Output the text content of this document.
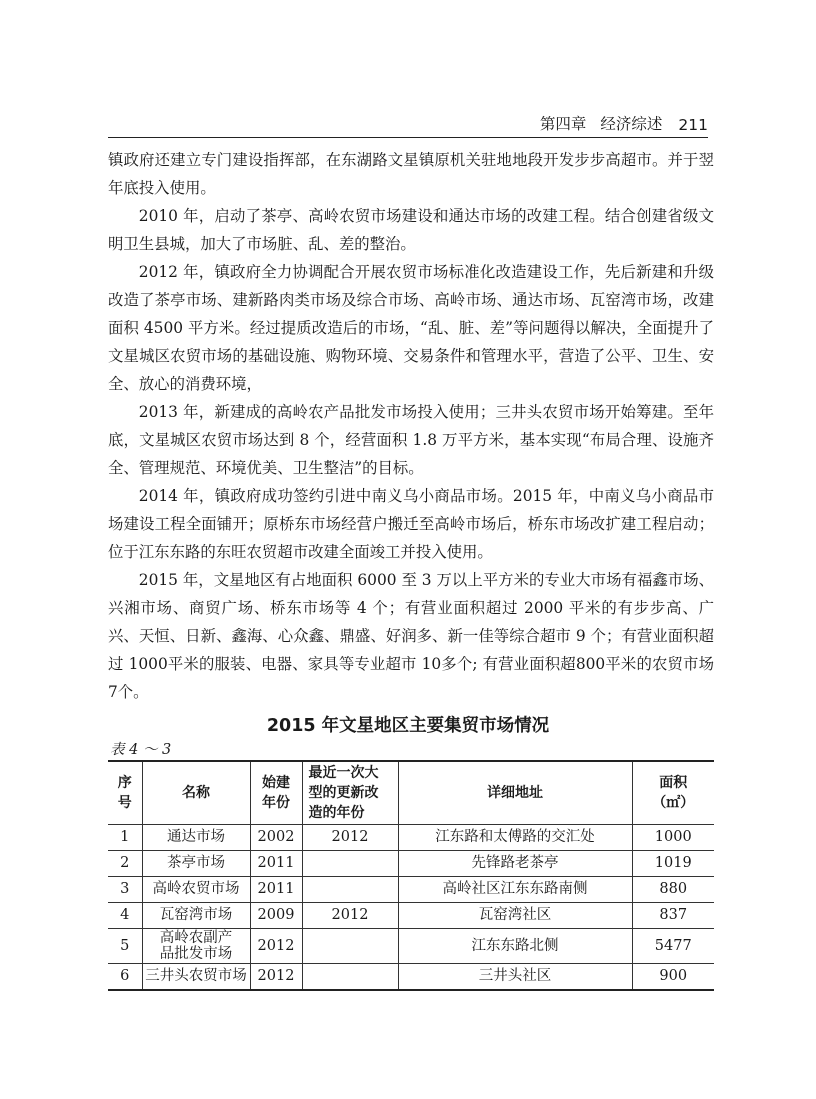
第四章 经济综述 211

镇政府还建立专门建设指挥部，在东湖路文星镇原机关驻地地段开发步步高超市。并于翌年底投入使用。

2010 年，启动了茶亭、高岭农贸市场建设和通达市场的改建工程。结合创建省级文明卫生县城，加大了市场脏、乱、差的整治。

2012 年，镇政府全力协调配合开展农贸市场标准化改造建设工作，先后新建和升级改造了茶亭市场、建新路肉类市场及综合市场、高岭市场、通达市场、瓦窑湾市场，改建面积 4500 平方米。经过提质改造后的市场，“乱、脏、差”等问题得以解决，全面提升了文星城区农贸市场的基础设施、购物环境、交易条件和管理水平，营造了公平、卫生、安全、放心的消费环境，

2013 年，新建成的高岭农产品批发市场投入使用；三井头农贸市场开始筹建。至年底，文星城区农贸市场达到 8 个，经营面积 1.8 万平方米，基本实现“布局合理、设施齐全、管理规范、环境优美、卫生整洁”的目标。

2014 年，镇政府成功签约引进中南义乌小商品市场。2015 年，中南义乌小商品市场建设工程全面铺开；原桥东市场经营户搬迁至高岭市场后，桥东市场改扩建工程启动；位于江东东路的东旺农贸超市改建全面竣工并投入使用。

2015 年，文星地区有占地面积 6000 至 3 万以上平方米的专业大市场有福鑫市场、兴湘市场、商贸广场、桥东市场等 4 个；有营业面积超过 2000 平米的有步步高、广兴、天恒、日新、鑫海、心众鑫、鼎盛、好润多、新一佳等综合超市 9 个；有营业面积超过 1000平米的服装、电器、家具等专业超市 10多个; 有营业面积超800平米的农贸市场7个。

2015 年文星地区主要集贸市场情况
表 4 ～ 3
序号	名称	始建年份	最近一次大型的更新改造的年份	详细地址	面积（㎡）
1	通达市场	2002	2012	江东路和太傅路的交汇处	1000
2	茶亭市场	2011		先锋路老茶亭	1019
3	高岭农贸市场	2011		高岭社区江东东路南侧	880
4	瓦窑湾市场	2009	2012	瓦窑湾社区	837
5	高岭农副产品批发市场	2012		江东东路北侧	5477
6	三井头农贸市场	2012		三井头社区	900
